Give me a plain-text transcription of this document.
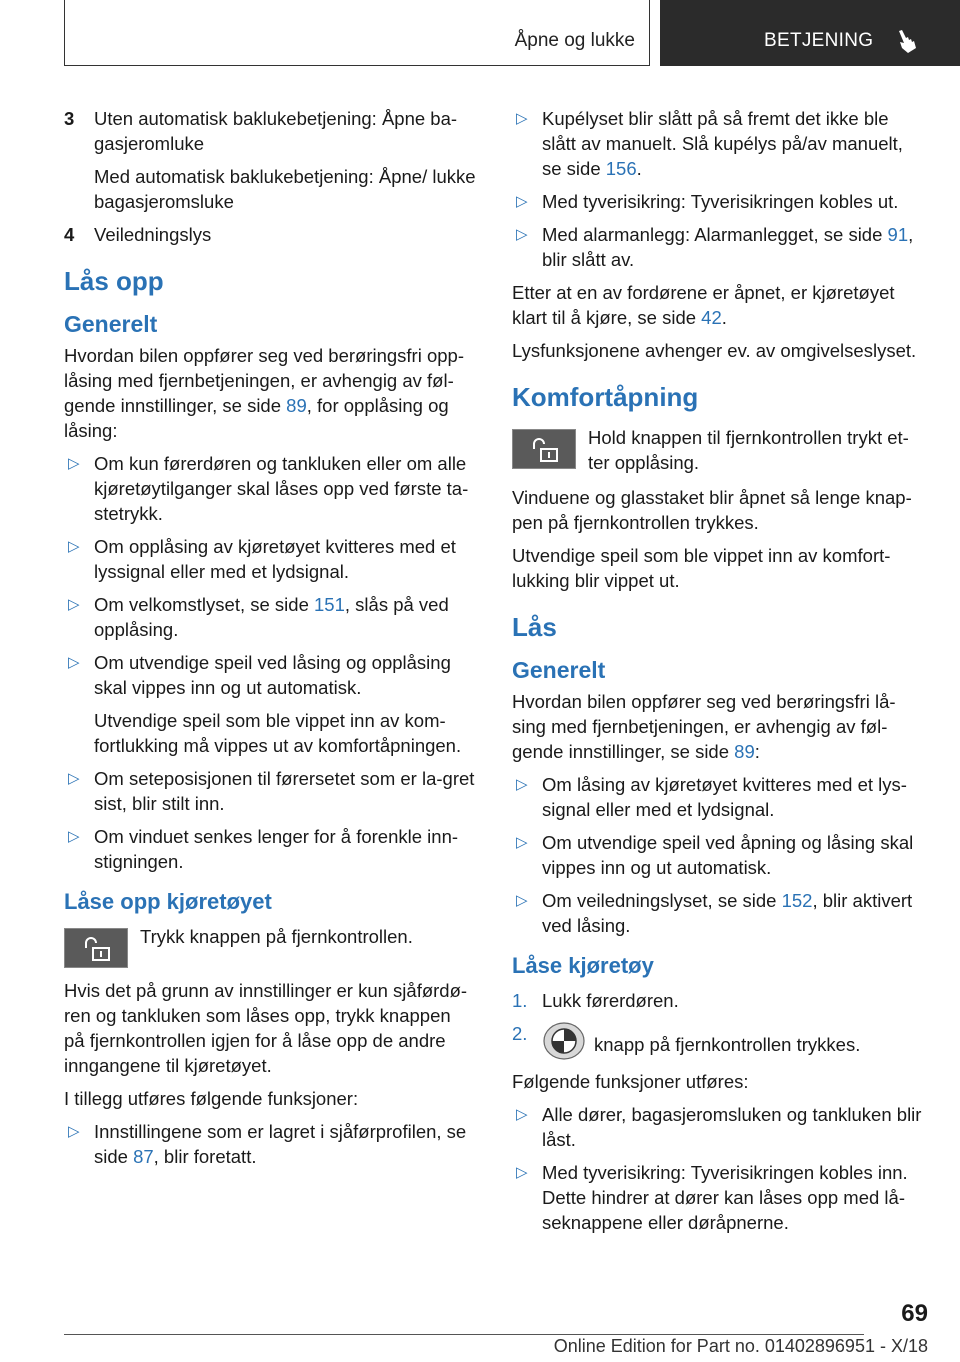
Åpne og lukke	BETJENING
3	Uten automatisk baklukebetjening: Åpne ba-gasjeromluke
Med automatisk baklukebetjening: Åpne/ lukke bagasjeromsluke
4	Veiledningslys
Lås opp
Generelt
Hvordan bilen oppfører seg ved berøringsfri opp-låsing med fjernbetjeningen, er avhengig av føl-gende innstillinger, se side 89, for opplåsing og låsing:
▷ Om kun førerdøren og tankluken eller om alle kjøretøytilganger skal låses opp ved første ta-stetrykk.
▷ Om opplåsing av kjøretøyet kvitteres med et lyssignal eller med et lydsignal.
▷ Om velkomstlyset, se side 151, slås på ved opplåsing.
▷ Om utvendige speil ved låsing og opplåsing skal vippes inn og ut automatisk.
Utvendige speil som ble vippet inn av kom-fortlukking må vippes ut av komfortåpningen.
▷ Om seteposisjonen til førersetet som er la-gret sist, blir stilt inn.
▷ Om vinduet senkes lenger for å forenkle inn-stigningen.
Låse opp kjøretøyet
Trykk knappen på fjernkontrollen.
Hvis det på grunn av innstillinger er kun sjåførdø-ren og tankluken som låses opp, trykk knappen på fjernkontrollen igjen for å låse opp de andre inngangene til kjøretøyet.
I tillegg utføres følgende funksjoner:
▷ Innstillingene som er lagret i sjåførprofilen, se side 87, blir foretatt.
▷ Kupélyset blir slått på så fremt det ikke ble slått av manuelt. Slå kupélys på/av manuelt, se side 156.
▷ Med tyverisikring: Tyverisikringen kobles ut.
▷ Med alarmanlegg: Alarmanlegget, se side 91, blir slått av.
Etter at en av fordørene er åpnet, er kjøretøyet klart til å kjøre, se side 42.
Lysfunksjonene avhenger ev. av omgivelseslyset.
Komfortåpning
Hold knappen til fjernkontrollen trykt et-ter opplåsing.
Vinduene og glasstaket blir åpnet så lenge knap-pen på fjernkontrollen trykkes.
Utvendige speil som ble vippet inn av komfort-lukking blir vippet ut.
Lås
Generelt
Hvordan bilen oppfører seg ved berøringsfri lå-sing med fjernbetjeningen, er avhengig av føl-gende innstillinger, se side 89:
▷ Om låsing av kjøretøyet kvitteres med et lys-signal eller med et lydsignal.
▷ Om utvendige speil ved åpning og låsing skal vippes inn og ut automatisk.
▷ Om veiledningslyset, se side 152, blir aktivert ved låsing.
Låse kjøretøy
1. Lukk førerdøren.
2.
knapp på fjernkontrollen trykkes.
Følgende funksjoner utføres:
▷ Alle dører, bagasjeromsluken og tankluken blir låst.
▷ Med tyverisikring: Tyverisikringen kobles inn. Dette hindrer at dører kan låses opp med lå-seknappene eller døråpnerne.
69
Online Edition for Part no. 01402896951 - X/18
